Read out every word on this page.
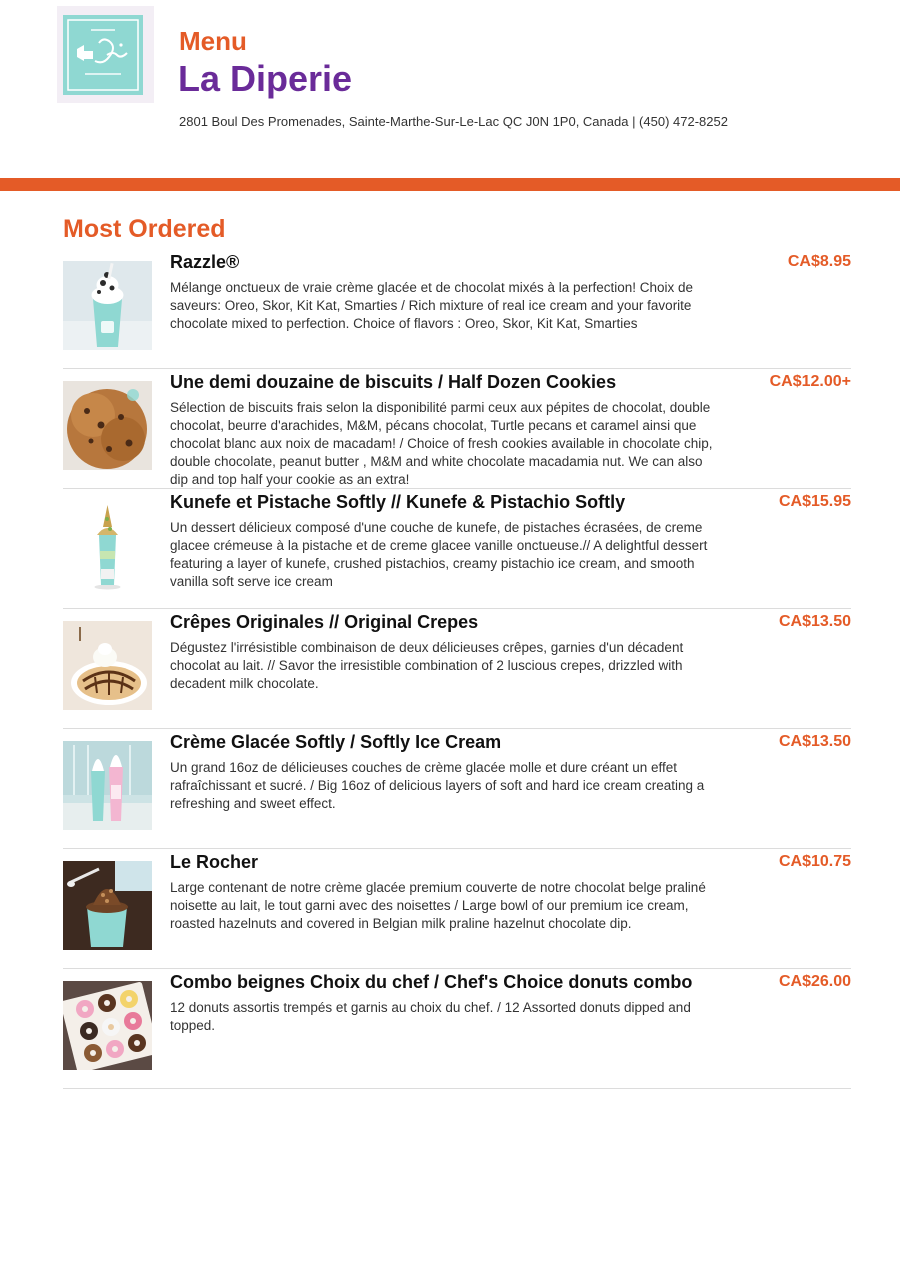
Menu
La Diperie
2801 Boul Des Promenades, Sainte-Marthe-Sur-Le-Lac QC J0N 1P0, Canada | (450) 472-8252
Most Ordered
Razzle®
Mélange onctueux de vraie crème glacée et de chocolat mixés à la perfection! Choix de saveurs: Oreo, Skor, Kit Kat, Smarties / Rich mixture of real ice cream and your favorite chocolate mixed to perfection. Choice of flavors : Oreo, Skor, Kit Kat, Smarties
CA$8.95
Une demi douzaine de biscuits / Half Dozen Cookies
Sélection de biscuits frais selon la disponibilité parmi ceux aux pépites de chocolat, double chocolat, beurre d'arachides, M&M, pécans chocolat, Turtle pecans et caramel ainsi que chocolat blanc aux noix de macadam! / Choice of fresh cookies available in chocolate chip, double chocolate, peanut butter , M&M and white chocolate macadamia nut. We can also dip and top half your cookie as an extra!
CA$12.00+
Kunefe et Pistache Softly // Kunefe & Pistachio Softly
Un dessert délicieux composé d'une couche de kunefe, de pistaches écrasées, de creme glacee crémeuse à la pistache et de creme glacee vanille onctueuse.// A delightful dessert featuring a layer of kunefe, crushed pistachios, creamy pistachio ice cream, and smooth vanilla soft serve ice cream
CA$15.95
Crêpes Originales // Original Crepes
Dégustez l'irrésistible combinaison de deux délicieuses crêpes, garnies d'un décadent chocolat au lait. // Savor the irresistible combination of 2 luscious crepes, drizzled with decadent milk chocolate.
CA$13.50
Crème Glacée Softly / Softly Ice Cream
Un grand 16oz de délicieuses couches de crème glacée molle et dure créant un effet rafraîchissant et sucré. / Big 16oz of delicious layers of soft and hard ice cream creating a refreshing and sweet effect.
CA$13.50
Le Rocher
Large contenant de notre crème glacée premium couverte de notre chocolat belge praliné noisette au lait, le tout garni avec des noisettes / Large bowl of our premium ice cream, roasted hazelnuts and covered in Belgian milk praline hazelnut chocolate dip.
CA$10.75
Combo beignes Choix du chef / Chef's Choice donuts combo
12 donuts assortis trempés et garnis au choix du chef. / 12 Assorted donuts dipped and topped.
CA$26.00
